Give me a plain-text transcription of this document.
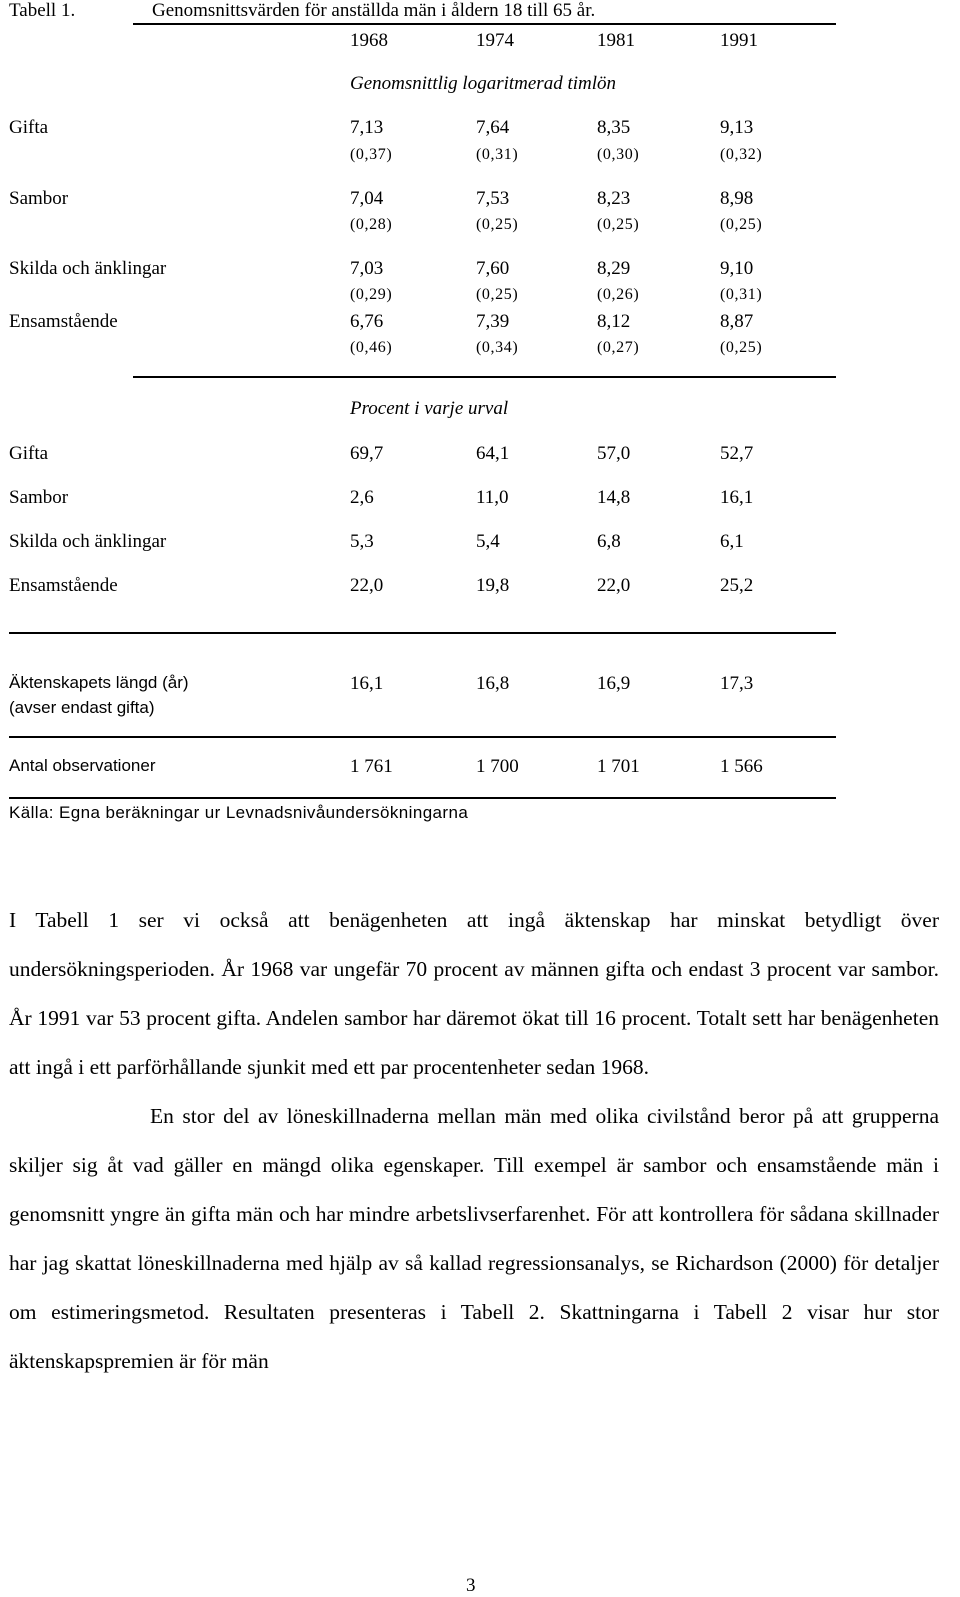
Tabell 1.	Genomsnittsvärden för anställda män i åldern 18 till 65 år.
1968	1974	1981	1991
Genomsnittlig logaritmerad timlön
Gifta	7,13	7,64	8,35	9,13
(0,37)	(0,31)	(0,30)	(0,32)
Sambor	7,04	7,53	8,23	8,98
(0,28)	(0,25)	(0,25)	(0,25)
Skilda och änklingar	7,03	7,60	8,29	9,10
(0,29)	(0,25)	(0,26)	(0,31)
Ensamstående	6,76	7,39	8,12	8,87
(0,46)	(0,34)	(0,27)	(0,25)
Procent i varje urval
Gifta	69,7	64,1	57,0	52,7
Sambor	2,6	11,0	14,8	16,1
Skilda och änklingar	5,3	5,4	6,8	6,1
Ensamstående	22,0	19,8	22,0	25,2
Äktenskapets längd (år)
(avser endast gifta)
16,1	16,8	16,9	17,3
Antal observationer	1 761	1 700	1 701	1 566
Källa: Egna beräkningar ur Levnadsnivåundersökningarna

I Tabell 1 ser vi också att benägenheten att ingå äktenskap har minskat betydligt över undersökningsperioden. År 1968 var ungefär 70 procent av männen gifta och endast 3 procent var sambor. År 1991 var 53 procent gifta. Andelen sambor har däremot ökat till 16 procent. Totalt sett har benägenheten att ingå i ett parförhållande sjunkit med ett par procentenheter sedan 1968.

En stor del av löneskillnaderna mellan män med olika civilstånd beror på att grupperna skiljer sig åt vad gäller en mängd olika egenskaper. Till exempel är sambor och ensamstående män i genomsnitt yngre än gifta män och har mindre arbetslivserfarenhet. För att kontrollera för sådana skillnader har jag skattat löneskillnaderna med hjälp av så kallad regressionsanalys, se Richardson (2000) för detaljer om estimeringsmetod. Resultaten presenteras i Tabell 2. Skattningarna i Tabell 2 visar hur stor äktenskapspremien är för män

3
